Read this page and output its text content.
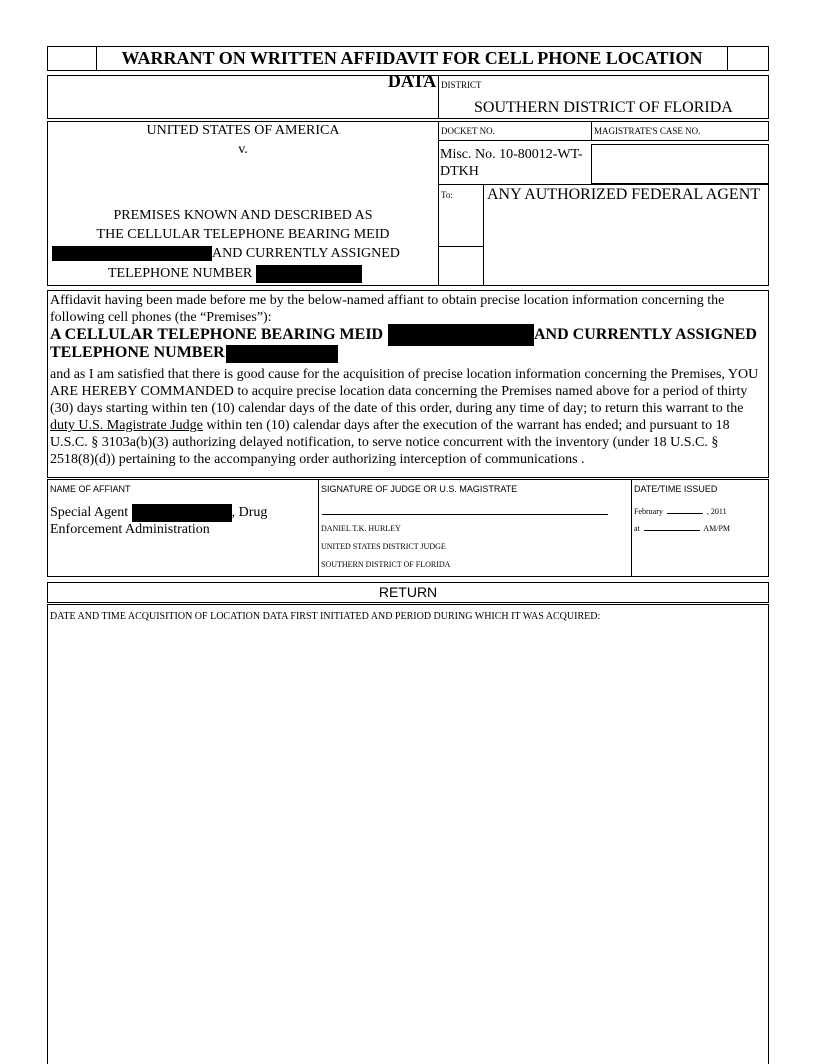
WARRANT ON WRITTEN AFFIDAVIT FOR CELL PHONE LOCATION DATA DISTRICT
SOUTHERN DISTRICT OF FLORIDA
UNITED STATES OF AMERICA
v.
PREMISES KNOWN AND DESCRIBED AS
THE CELLULAR TELEPHONE BEARING MEID
AND CURRENTLY ASSIGNED
TELEPHONE NUMBER
DOCKET NO.	MAGISTRATE'S CASE NO.
Misc. No. 10-80012-WT-
DTKH
To: ANY AUTHORIZED FEDERAL AGENT
Affidavit having been made before me by the below-named affiant to obtain precise location information concerning the following cell phones (the “Premises”):
A CELLULAR TELEPHONE BEARING MEID	AND CURRENTLY ASSIGNED
TELEPHONE NUMBER
and as I am satisfied that there is good cause for the acquisition of precise location information concerning the Premises, YOU ARE HEREBY COMMANDED to acquire precise location data concerning the Premises named above for a period of thirty (30) days starting within ten (10) calendar days of the date of this order, during any time of day; to return this warrant to the duty U.S. Magistrate Judge within ten (10) calendar days after the execution of the warrant has ended; and pursuant to 18 U.S.C. § 3103a(b)(3) authorizing delayed notification, to serve notice concurrent with the inventory (under 18 U.S.C. § 2518(8)(d)) pertaining to the accompanying order authorizing interception of communications .
NAME OF AFFIANT
Special Agent	, Drug
Enforcement Administration
SIGNATURE OF JUDGE OR U.S. MAGISTRATE
DANIEL T.K. HURLEY
UNITED STATES DISTRICT JUDGE
SOUTHERN DISTRICT OF FLORIDA
DATE/TIME ISSUED
February	, 2011
at	AM/PM
RETURN
DATE AND TIME ACQUISITION OF LOCATION DATA FIRST INITIATED AND PERIOD DURING WHICH IT WAS ACQUIRED:
